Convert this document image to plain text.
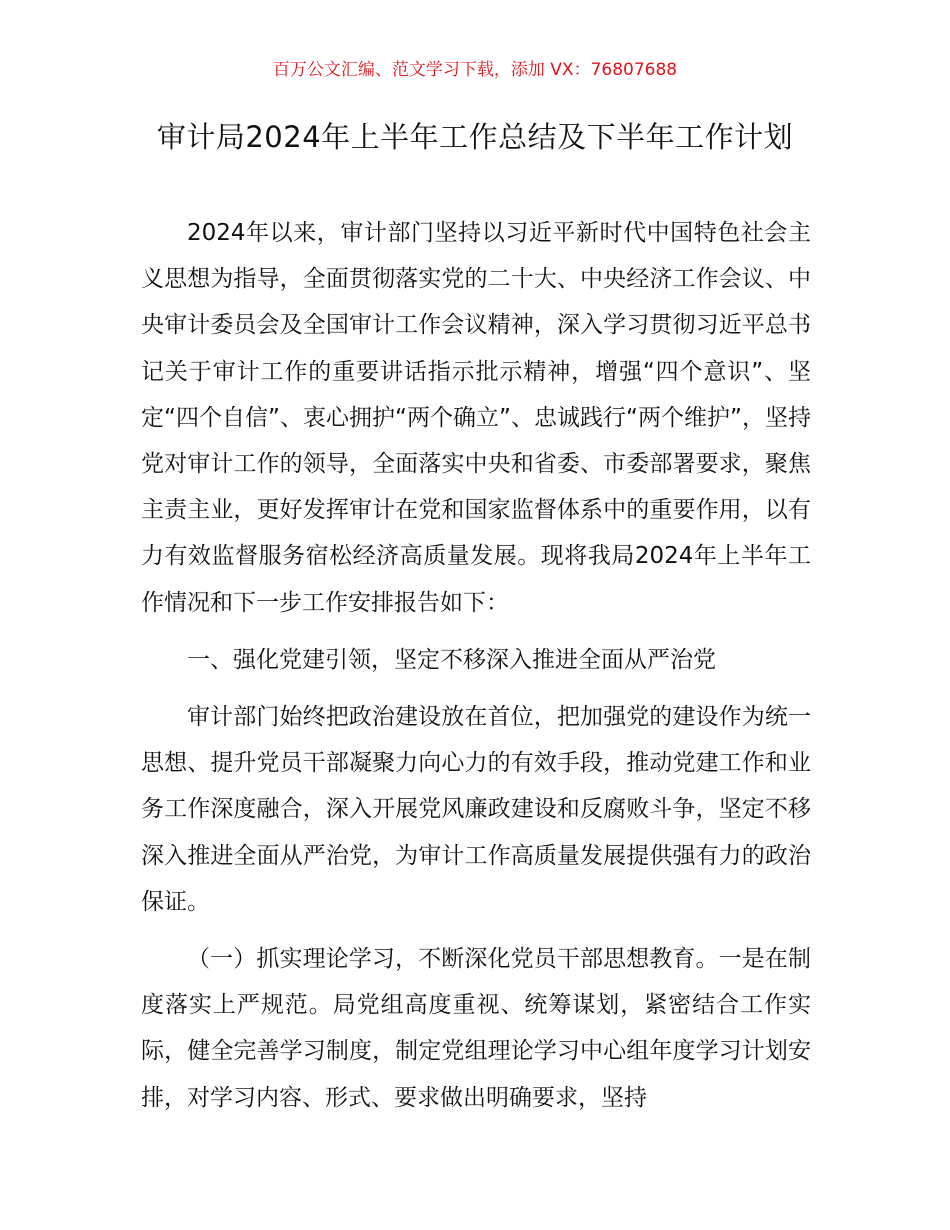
百万公文汇编、范文学习下载，添加 VX：76807688
审计局2024年上半年工作总结及下半年工作计划

2024年以来，审计部门坚持以习近平新时代中国特色社会主义思想为指导，全面贯彻落实党的二十大、中央经济工作会议、中央审计委员会及全国审计工作会议精神，深入学习贯彻习近平总书记关于审计工作的重要讲话指示批示精神，增强“四个意识”、坚定“四个自信”、衷心拥护“两个确立”、忠诚践行“两个维护”，坚持党对审计工作的领导，全面落实中央和省委、市委部署要求，聚焦主责主业，更好发挥审计在党和国家监督体系中的重要作用，以有力有效监督服务宿松经济高质量发展。现将我局2024年上半年工作情况和下一步工作安排报告如下：

一、强化党建引领，坚定不移深入推进全面从严治党

审计部门始终把政治建设放在首位，把加强党的建设作为统一思想、提升党员干部凝聚力向心力的有效手段，推动党建工作和业务工作深度融合，深入开展党风廉政建设和反腐败斗争，坚定不移深入推进全面从严治党，为审计工作高质量发展提供强有力的政治保证。

（一）抓实理论学习，不断深化党员干部思想教育。一是在制度落实上严规范。局党组高度重视、统筹谋划，紧密结合工作实际，健全完善学习制度，制定党组理论学习中心组年度学习计划安排，对学习内容、形式、要求做出明确要求，坚持
